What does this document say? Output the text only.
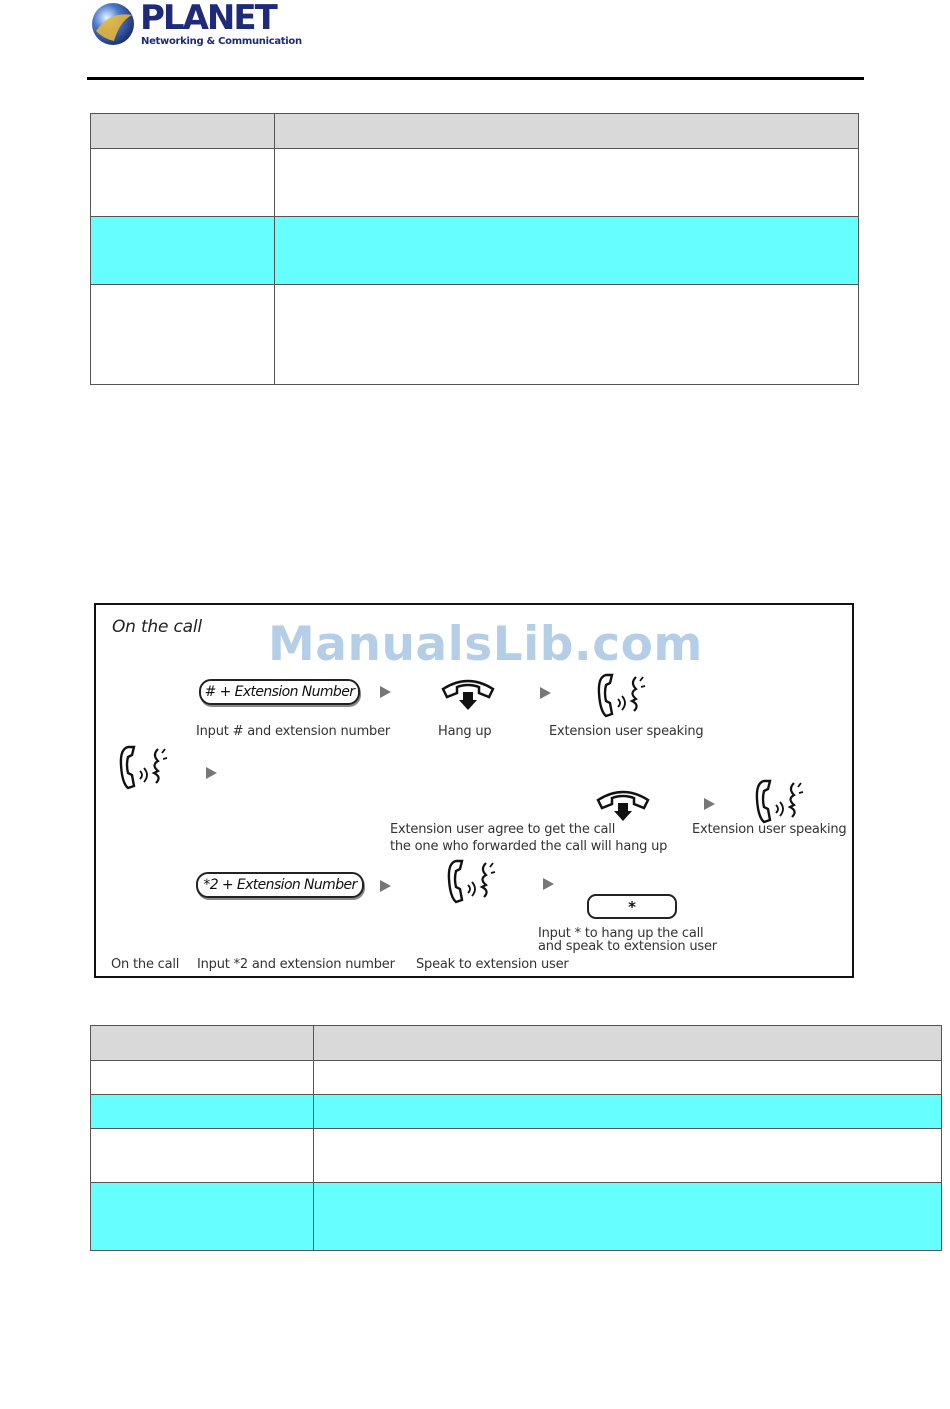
PLANET
Networking & Communication

On the call
# + Extension Number
Input # and extension number	Hang up	Extension user speaking
Extension user agree to get the call
the one who forwarded the call will hang up
Extension user speaking
*2 + Extension Number
*
Input * to hang up the call
and speak to extension user
On the call Input *2 and extension number Speak to extension user
ManualsLib.com
